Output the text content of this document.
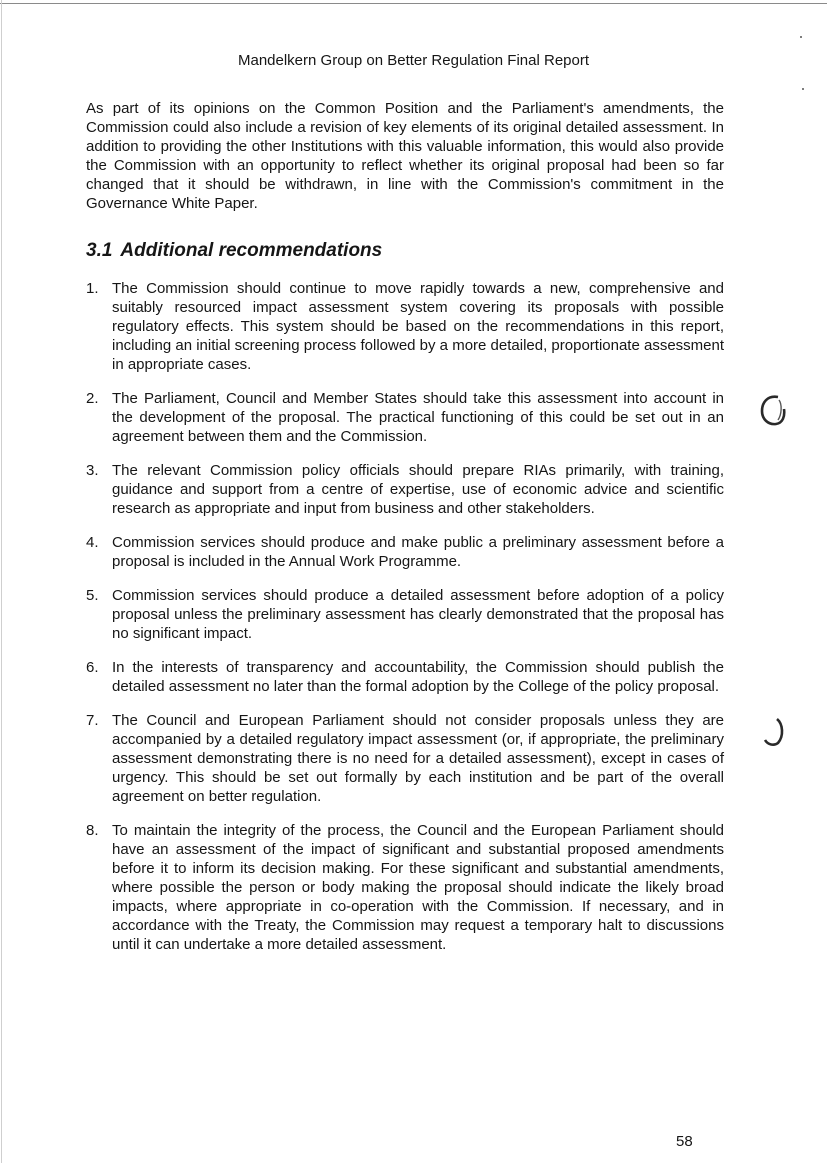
Mandelkern Group on Better Regulation Final Report

As part of its opinions on the Common Position and the Parliament's amendments, the Commission could also include a revision of key elements of its original detailed assessment. In addition to providing the other Institutions with this valuable information, this would also provide the Commission with an opportunity to reflect whether its original proposal had been so far changed that it should be withdrawn, in line with the Commission's commitment in the Governance White Paper.

3.1 Additional recommendations
1. The Commission should continue to move rapidly towards a new, comprehensive and suitably resourced impact assessment system covering its proposals with possible regulatory effects. This system should be based on the recommendations in this report, including an initial screening process followed by a more detailed, proportionate assessment in appropriate cases.
2. The Parliament, Council and Member States should take this assessment into account in the development of the proposal. The practical functioning of this could be set out in an agreement between them and the Commission.
3. The relevant Commission policy officials should prepare RIAs primarily, with training, guidance and support from a centre of expertise, use of economic advice and scientific research as appropriate and input from business and other stakeholders.
4. Commission services should produce and make public a preliminary assessment before a proposal is included in the Annual Work Programme.
5. Commission services should produce a detailed assessment before adoption of a policy proposal unless the preliminary assessment has clearly demonstrated that the proposal has no significant impact.
6. In the interests of transparency and accountability, the Commission should publish the detailed assessment no later than the formal adoption by the College of the policy proposal.
7. The Council and European Parliament should not consider proposals unless they are accompanied by a detailed regulatory impact assessment (or, if appropriate, the preliminary assessment demonstrating there is no need for a detailed assessment), except in cases of urgency. This should be set out formally by each institution and be part of the overall agreement on better regulation.
8. To maintain the integrity of the process, the Council and the European Parliament should have an assessment of the impact of significant and substantial proposed amendments before it to inform its decision making. For these significant and substantial amendments, where possible the person or body making the proposal should indicate the likely broad impacts, where appropriate in co-operation with the Commission. If necessary, and in accordance with the Treaty, the Commission may request a temporary halt to discussions until it can undertake a more detailed assessment.
58
